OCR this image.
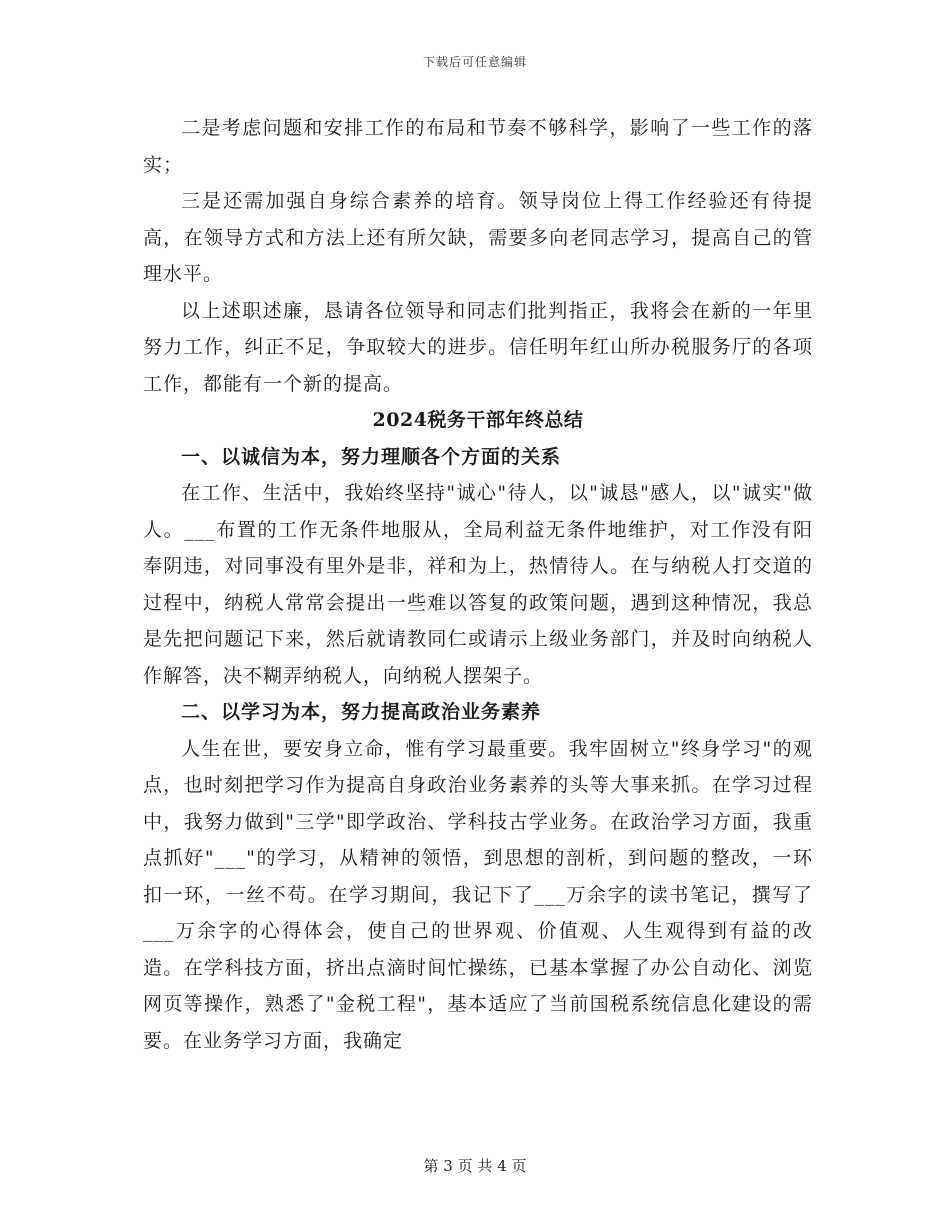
下载后可任意编辑

二是考虑问题和安排工作的布局和节奏不够科学，影响了一些工作的落实；

三是还需加强自身综合素养的培育。领导岗位上得工作经验还有待提高，在领导方式和方法上还有所欠缺，需要多向老同志学习，提高自己的管理水平。

以上述职述廉，恳请各位领导和同志们批判指正，我将会在新的一年里努力工作，纠正不足，争取较大的进步。信任明年红山所办税服务厅的各项工作，都能有一个新的提高。

2024税务干部年终总结

一、以诚信为本，努力理顺各个方面的关系

在工作、生活中，我始终坚持"诚心"待人，以"诚恳"感人，以"诚实"做人。___布置的工作无条件地服从，全局利益无条件地维护，对工作没有阳奉阴违，对同事没有里外是非，祥和为上，热情待人。在与纳税人打交道的过程中，纳税人常常会提出一些难以答复的政策问题，遇到这种情况，我总是先把问题记下来，然后就请教同仁或请示上级业务部门，并及时向纳税人作解答，决不糊弄纳税人，向纳税人摆架子。

二、以学习为本，努力提高政治业务素养

人生在世，要安身立命，惟有学习最重要。我牢固树立"终身学习"的观点，也时刻把学习作为提高自身政治业务素养的头等大事来抓。在学习过程中，我努力做到"三学"即学政治、学科技古学业务。在政治学习方面，我重点抓好"___"的学习，从精神的领悟，到思想的剖析，到问题的整改，一环扣一环，一丝不苟。在学习期间，我记下了___万余字的读书笔记，撰写了___万余字的心得体会，使自己的世界观、价值观、人生观得到有益的改造。在学科技方面，挤出点滴时间忙操练，已基本掌握了办公自动化、浏览网页等操作，熟悉了"金税工程"，基本适应了当前国税系统信息化建设的需要。在业务学习方面，我确定

第 3 页 共 4 页
